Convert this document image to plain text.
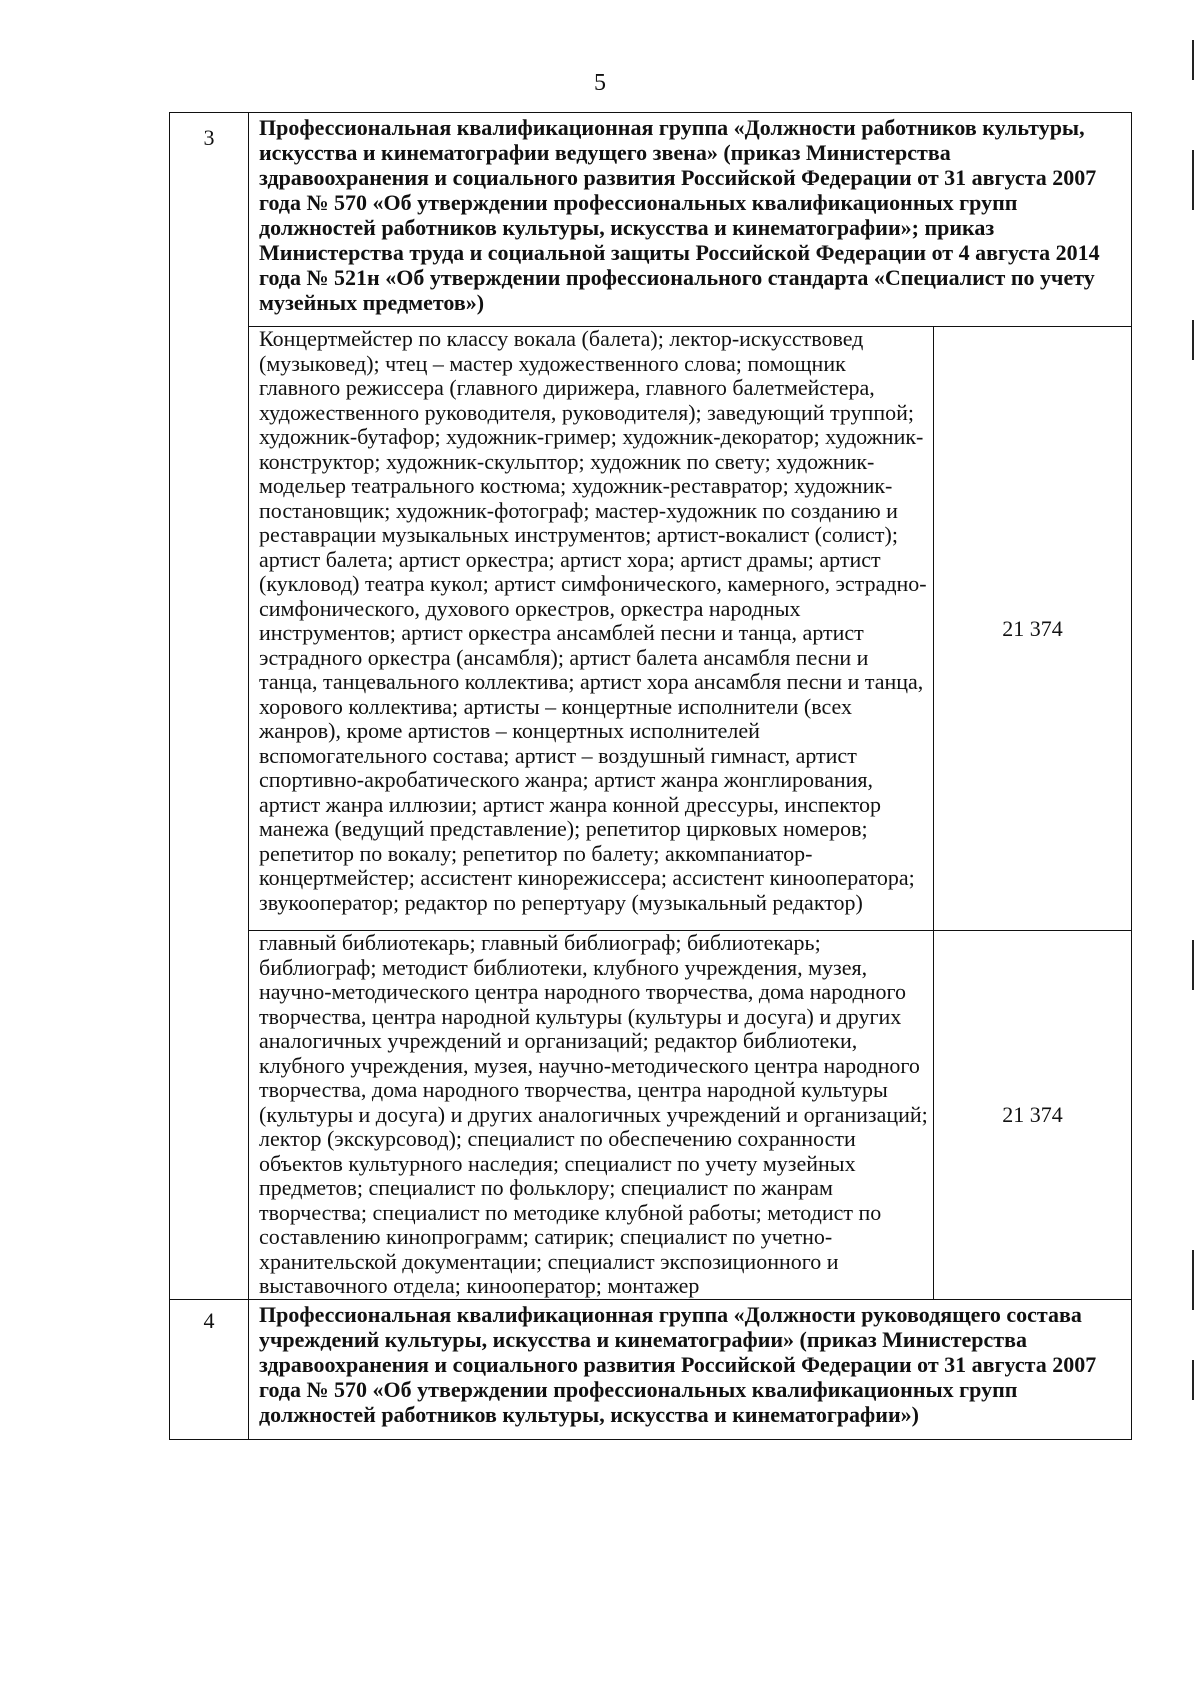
5
3	Профессиональная квалификационная группа «Должности работников культуры, искусства и кинематографии ведущего звена» (приказ Министерства здравоохранения и социального развития Российской Федерации от 31 августа 2007 года № 570 «Об утверждении профессиональных квалификационных групп должностей работников культуры, искусства и кинематографии»; приказ Министерства труда и социальной защиты Российской Федерации от 4 августа 2014 года № 521н «Об утверждении профессионального стандарта «Специалист по учету музейных предметов»)	
	Концертмейстер по классу вокала (балета); лектор-искусствовед (музыковед); чтец – мастер художественного слова; помощник главного режиссера (главного дирижера, главного балетмейстера, художественного руководителя, руководителя); заведующий труппой; художник-бутафор; художник-гример; художник-декоратор; художник-конструктор; художник-скульптор; художник по свету; художник-модельер театрального костюма; художник-реставратор; художник-постановщик; художник-фотограф; мастер-художник по созданию и реставрации музыкальных инструментов; артист-вокалист (солист); артист балета; артист оркестра; артист хора; артист драмы; артист (кукловод) театра кукол; артист симфонического, камерного, эстрадно-симфонического, духового оркестров, оркестра народных инструментов; артист оркестра ансамблей песни и танца, артист эстрадного оркестра (ансамбля); артист балета ансамбля песни и танца, танцевального коллектива; артист хора ансамбля песни и танца, хорового коллектива; артисты – концертные исполнители (всех жанров), кроме артистов – концертных исполнителей вспомогательного состава; артист – воздушный гимнаст, артист спортивно-акробатического жанра; артист жанра жонглирования, артист жанра иллюзии; артист жанра конной дрессуры, инспектор манежа (ведущий представление); репетитор цирковых номеров; репетитор по вокалу; репетитор по балету; аккомпаниатор-концертмейстер; ассистент кинорежиссера; ассистент кинооператора; звукооператор; редактор по репертуару (музыкальный редактор)	21 374
	главный библиотекарь; главный библиограф; библиотекарь; библиограф; методист библиотеки, клубного учреждения, музея, научно-методического центра народного творчества, дома народного творчества, центра народной культуры (культуры и досуга) и других аналогичных учреждений и организаций; редактор библиотеки, клубного учреждения, музея, научно-методического центра народного творчества, дома народного творчества, центра народной культуры (культуры и досуга) и других аналогичных учреждений и организаций; лектор (экскурсовод); специалист по обеспечению сохранности объектов культурного наследия; специалист по учету музейных предметов; специалист по фольклору; специалист по жанрам творчества; специалист по методике клубной работы; методист по составлению кинопрограмм; сатирик; специалист по учетно-хранительской документации; специалист экспозиционного и выставочного отдела; кинооператор; монтажер	21 374
4	Профессиональная квалификационная группа «Должности руководящего состава учреждений культуры, искусства и кинематографии» (приказ Министерства здравоохранения и социального развития Российской Федерации от 31 августа 2007 года № 570 «Об утверждении профессиональных квалификационных групп должностей работников культуры, искусства и кинематографии»)	
